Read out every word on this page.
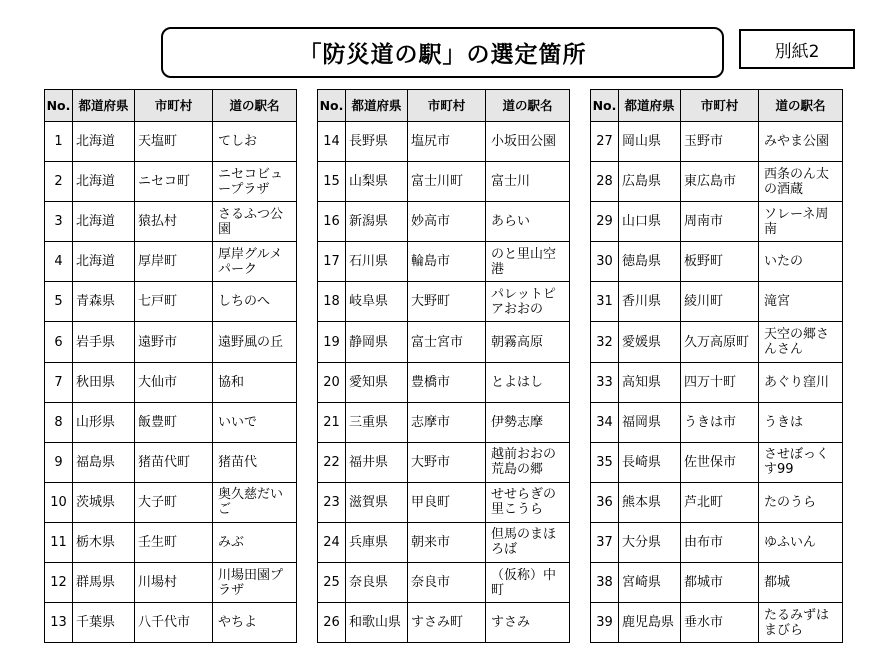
「防災道の駅」の選定箇所	別紙2
No.	都道府県	市町村	道の駅名
1	北海道	天塩町	てしお
2	北海道	ニセコ町	ニセコビュープラザ
3	北海道	猿払村	さるふつ公園
4	北海道	厚岸町	厚岸グルメパーク
5	青森県	七戸町	しちのへ
6	岩手県	遠野市	遠野風の丘
7	秋田県	大仙市	協和
8	山形県	飯豊町	いいで
9	福島県	猪苗代町	猪苗代
10	茨城県	大子町	奥久慈だいご
11	栃木県	壬生町	みぶ
12	群馬県	川場村	川場田園プラザ
13	千葉県	八千代市	やちよ
No.	都道府県	市町村	道の駅名
14	長野県	塩尻市	小坂田公園
15	山梨県	富士川町	富士川
16	新潟県	妙高市	あらい
17	石川県	輪島市	のと里山空港
18	岐阜県	大野町	パレットピアおおの
19	静岡県	富士宮市	朝霧高原
20	愛知県	豊橋市	とよはし
21	三重県	志摩市	伊勢志摩
22	福井県	大野市	越前おおの荒島の郷
23	滋賀県	甲良町	せせらぎの里こうら
24	兵庫県	朝来市	但馬のまほろば
25	奈良県	奈良市	（仮称）中町
26	和歌山県	すさみ町	すさみ
No.	都道府県	市町村	道の駅名
27	岡山県	玉野市	みやま公園
28	広島県	東広島市	西条のん太の酒蔵
29	山口県	周南市	ソレーネ周南
30	徳島県	板野町	いたの
31	香川県	綾川町	滝宮
32	愛媛県	久万高原町	天空の郷さんさん
33	高知県	四万十町	あぐり窪川
34	福岡県	うきは市	うきは
35	長崎県	佐世保市	させぼっくす99
36	熊本県	芦北町	たのうら
37	大分県	由布市	ゆふいん
38	宮崎県	都城市	都城
39	鹿児島県	垂水市	たるみずはまびら
